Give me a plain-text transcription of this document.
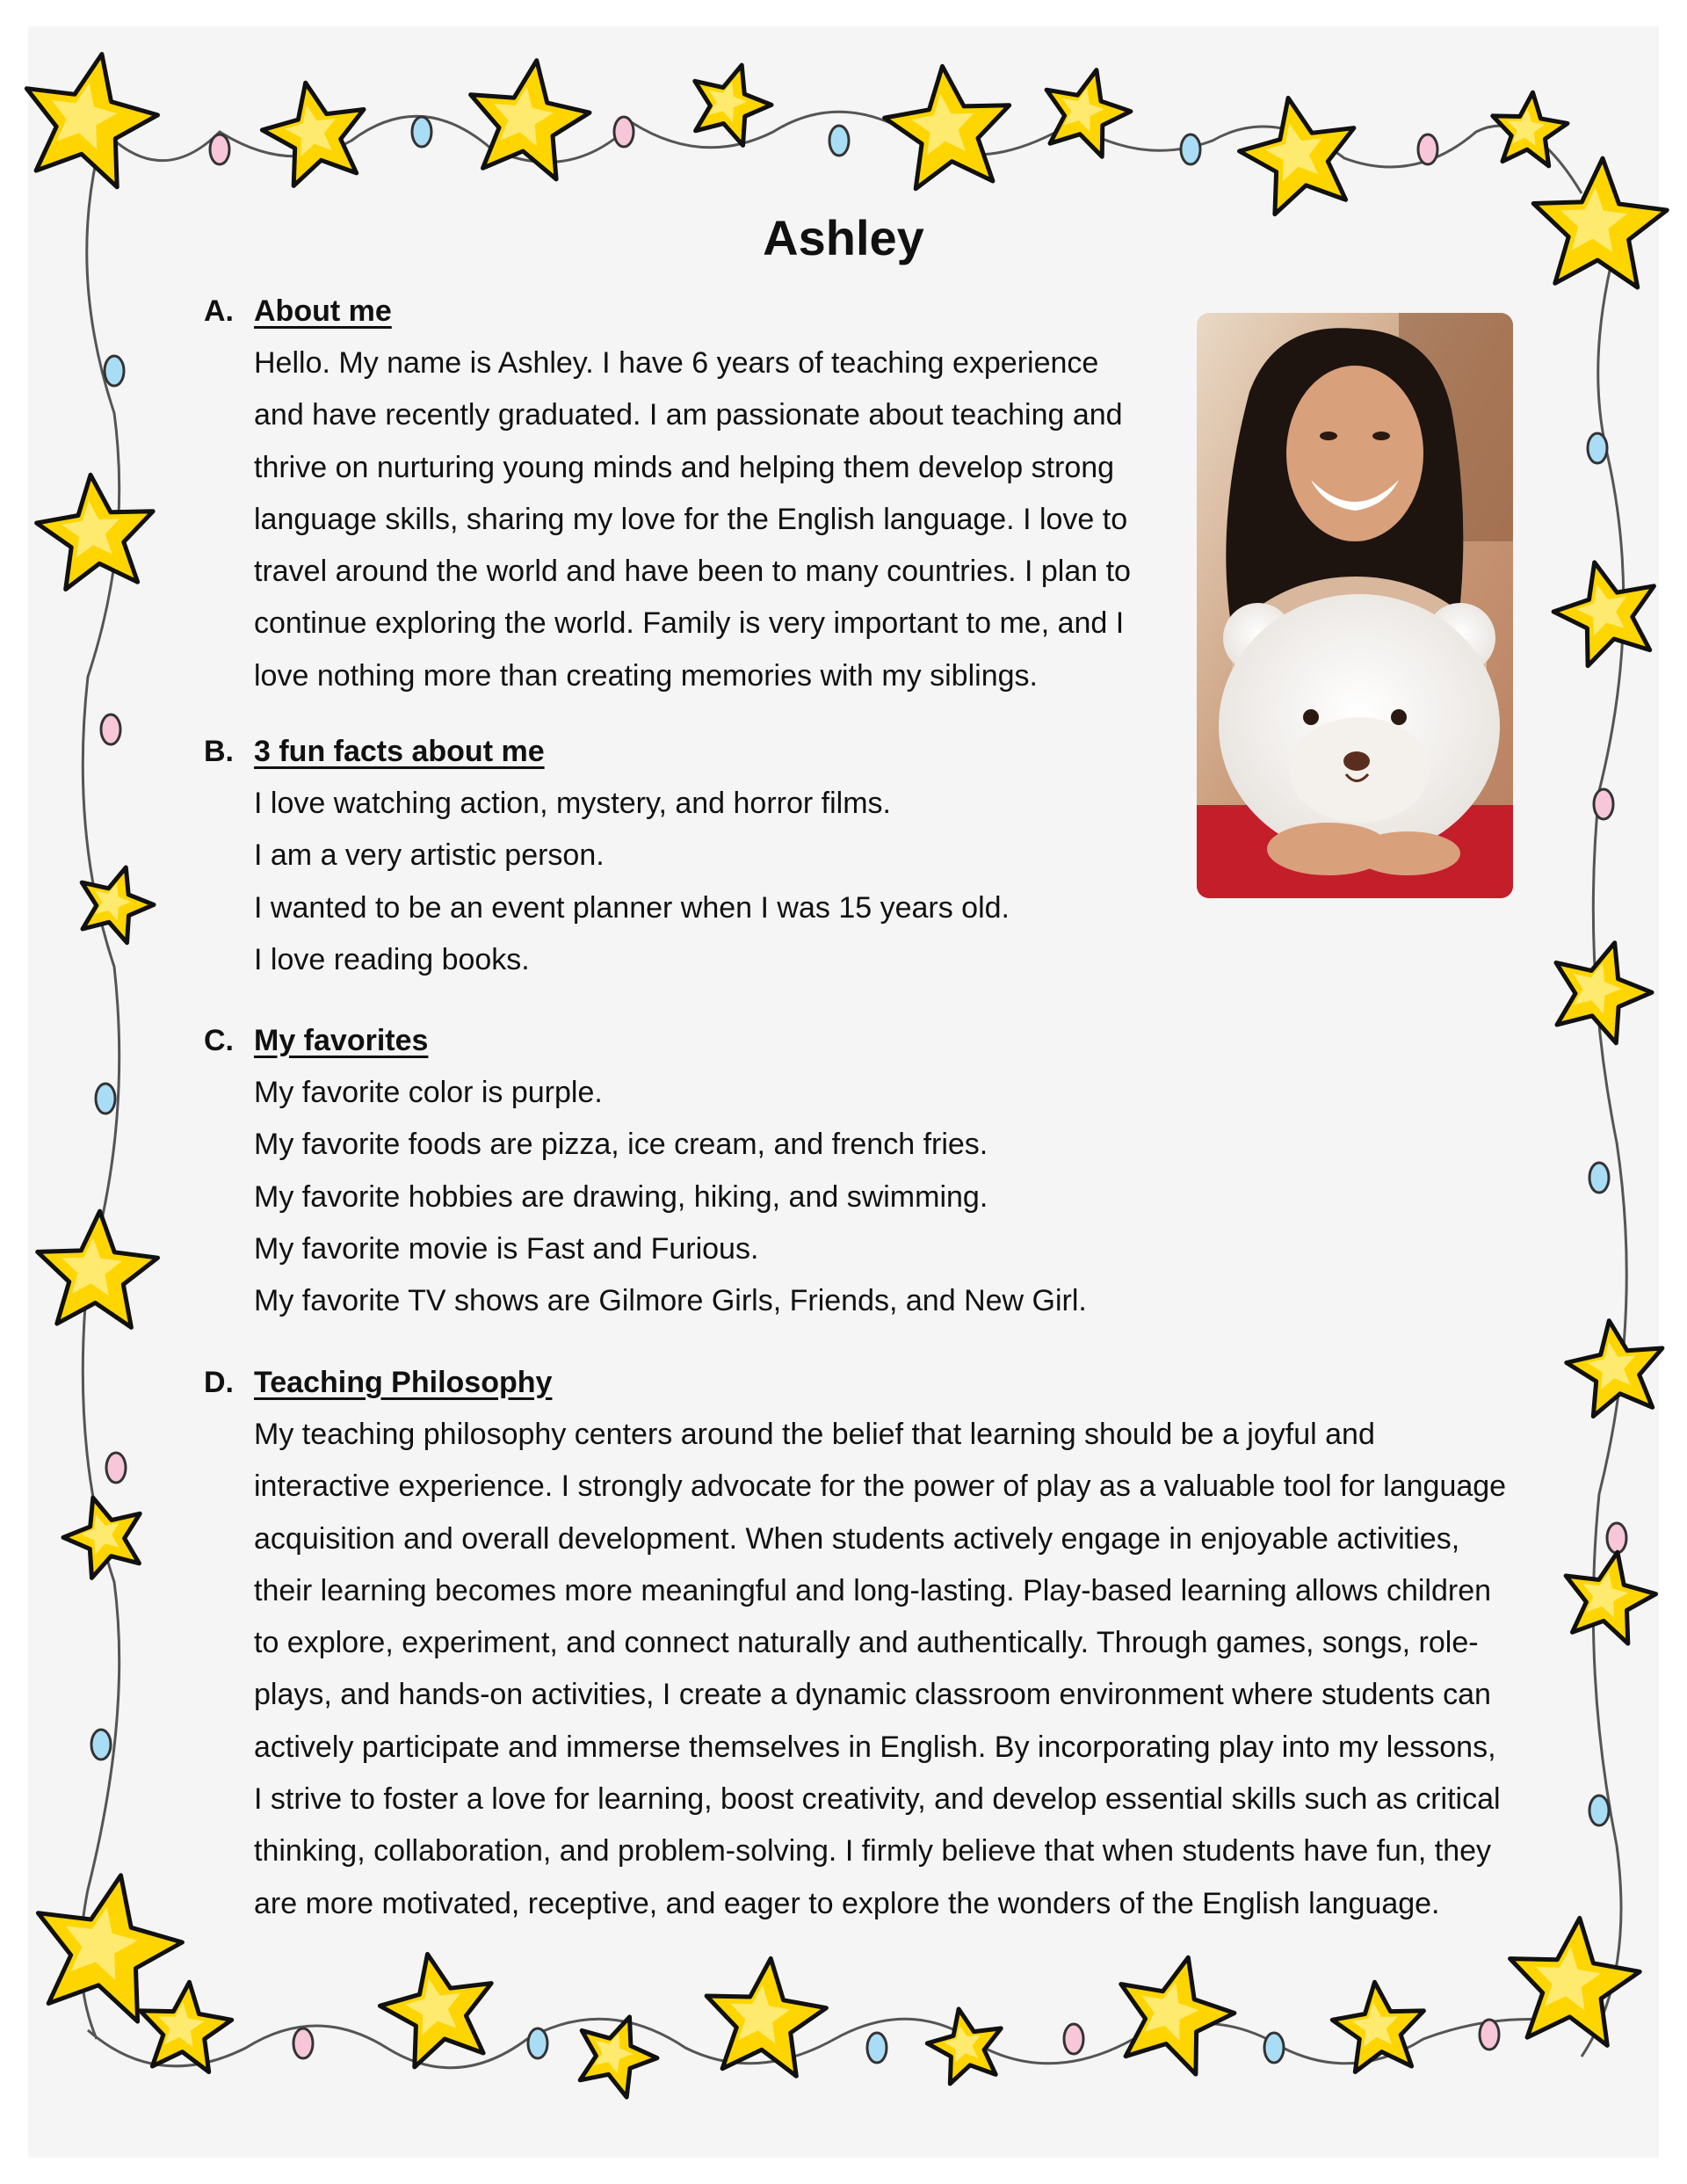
Ashley
A. About me

Hello. My name is Ashley. I have 6 years of teaching experience

and have recently graduated. I am passionate about teaching and

thrive on nurturing young minds and helping them develop strong

language skills, sharing my love for the English language. I love to

travel around the world and have been to many countries. I plan to

continue exploring the world. Family is very important to me, and I

love nothing more than creating memories with my siblings.

B. 3 fun facts about me

I love watching action, mystery, and horror films.

I am a very artistic person.

I wanted to be an event planner when I was 15 years old.

I love reading books.

C. My favorites

My favorite color is purple.

My favorite foods are pizza, ice cream, and french fries.

My favorite hobbies are drawing, hiking, and swimming.

My favorite movie is Fast and Furious.

My favorite TV shows are Gilmore Girls, Friends, and New Girl.

D. Teaching Philosophy

My teaching philosophy centers around the belief that learning should be a joyful and

interactive experience. I strongly advocate for the power of play as a valuable tool for language

acquisition and overall development. When students actively engage in enjoyable activities,

their learning becomes more meaningful and long-lasting. Play-based learning allows children

to explore, experiment, and connect naturally and authentically. Through games, songs, role-

plays, and hands-on activities, I create a dynamic classroom environment where students can

actively participate and immerse themselves in English. By incorporating play into my lessons,

I strive to foster a love for learning, boost creativity, and develop essential skills such as critical

thinking, collaboration, and problem-solving. I firmly believe that when students have fun, they

are more motivated, receptive, and eager to explore the wonders of the English language.
